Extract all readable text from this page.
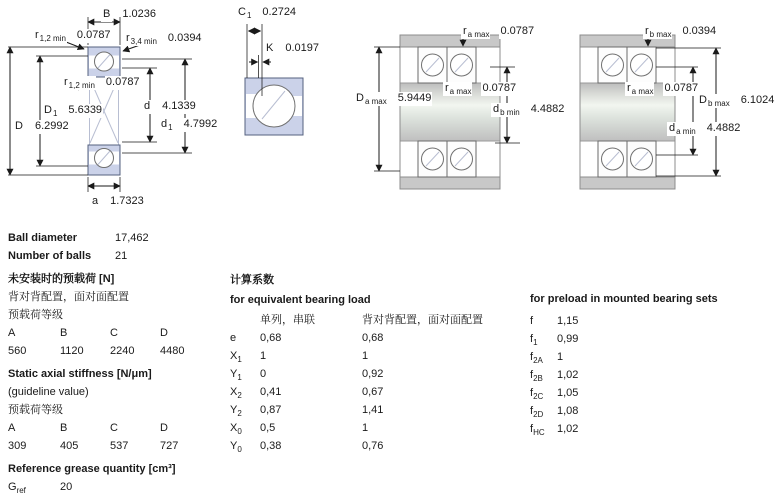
B 1.0236
$r_{1,2 min}$ 0.0787 $r_{3,4 min}$ 0.0394
$r_{1,2 min}$ 0.0787
$D_1$ 5.6339
D 6.2992
d 4.1339
$d_1$ 4.7992
a 1.7323
$C_1$ 0.2724
K 0.0197
$r_{a max}$ 0.0787
$D_{a max}$ 5.9449
$r_{a max}$ 0.0787
$d_{b min}$ 4.4882
$r_{b max}$ 0.0394
$r_{a max}$ 0.0787
$D_{b max}$ 6.1024
$d_{a min}$ 4.4882
Ball diameter	17,462
Number of balls	21
未安装时的预载荷 [N]
背对背配置，面对面配置
预载荷等级
A	B	C	D
560	1120	2240	4480
Static axial stiffness [N/μm]
(guideline value)
预载荷等级
A	B	C	D
309	405	537	727
Reference grease quantity [cm³]
$G_{ref}$	20
计算系数
for equivalent bearing load
单列，串联	背对背配置，面对面配置
e	0,68	0,68
$X_1$	1	1
$Y_1$	0	0,92
$X_2$	0,41	0,67
$Y_2$	0,87	1,41
$X_0$	0,5	1
$Y_0$	0,38	0,76
for preload in mounted bearing sets
f	1,15
$f_1$	0,99
$f_{2A}$	1
$f_{2B}$	1,02
$f_{2C}$	1,05
$f_{2D}$	1,08
$f_{HC}$	1,02
